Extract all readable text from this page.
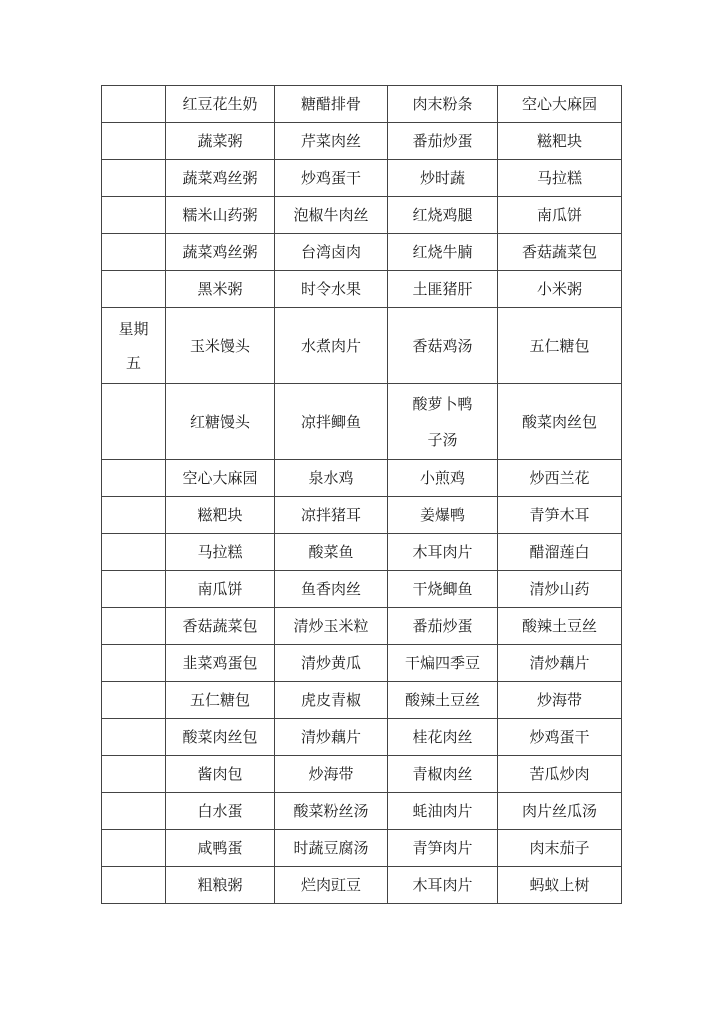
	红豆花生奶	糖醋排骨	肉末粉条	空心大麻园
	蔬菜粥	芹菜肉丝	番茄炒蛋	糍粑块
	蔬菜鸡丝粥	炒鸡蛋干	炒时蔬	马拉糕
	糯米山药粥	泡椒牛肉丝	红烧鸡腿	南瓜饼
	蔬菜鸡丝粥	台湾卤肉	红烧牛腩	香菇蔬菜包
	黑米粥	时令水果	土匪猪肝	小米粥
星期五	玉米馒头	水煮肉片	香菇鸡汤	五仁糖包
	红糖馒头	凉拌鲫鱼	酸萝卜鸭子汤	酸菜肉丝包
	空心大麻园	泉水鸡	小煎鸡	炒西兰花
	糍粑块	凉拌猪耳	姜爆鸭	青笋木耳
	马拉糕	酸菜鱼	木耳肉片	醋溜莲白
	南瓜饼	鱼香肉丝	干烧鲫鱼	清炒山药
	香菇蔬菜包	清炒玉米粒	番茄炒蛋	酸辣土豆丝
	韭菜鸡蛋包	清炒黄瓜	干煸四季豆	清炒藕片
	五仁糖包	虎皮青椒	酸辣土豆丝	炒海带
	酸菜肉丝包	清炒藕片	桂花肉丝	炒鸡蛋干
	酱肉包	炒海带	青椒肉丝	苦瓜炒肉
	白水蛋	酸菜粉丝汤	蚝油肉片	肉片丝瓜汤
	咸鸭蛋	时蔬豆腐汤	青笋肉片	肉末茄子
	粗粮粥	烂肉豇豆	木耳肉片	蚂蚁上树
